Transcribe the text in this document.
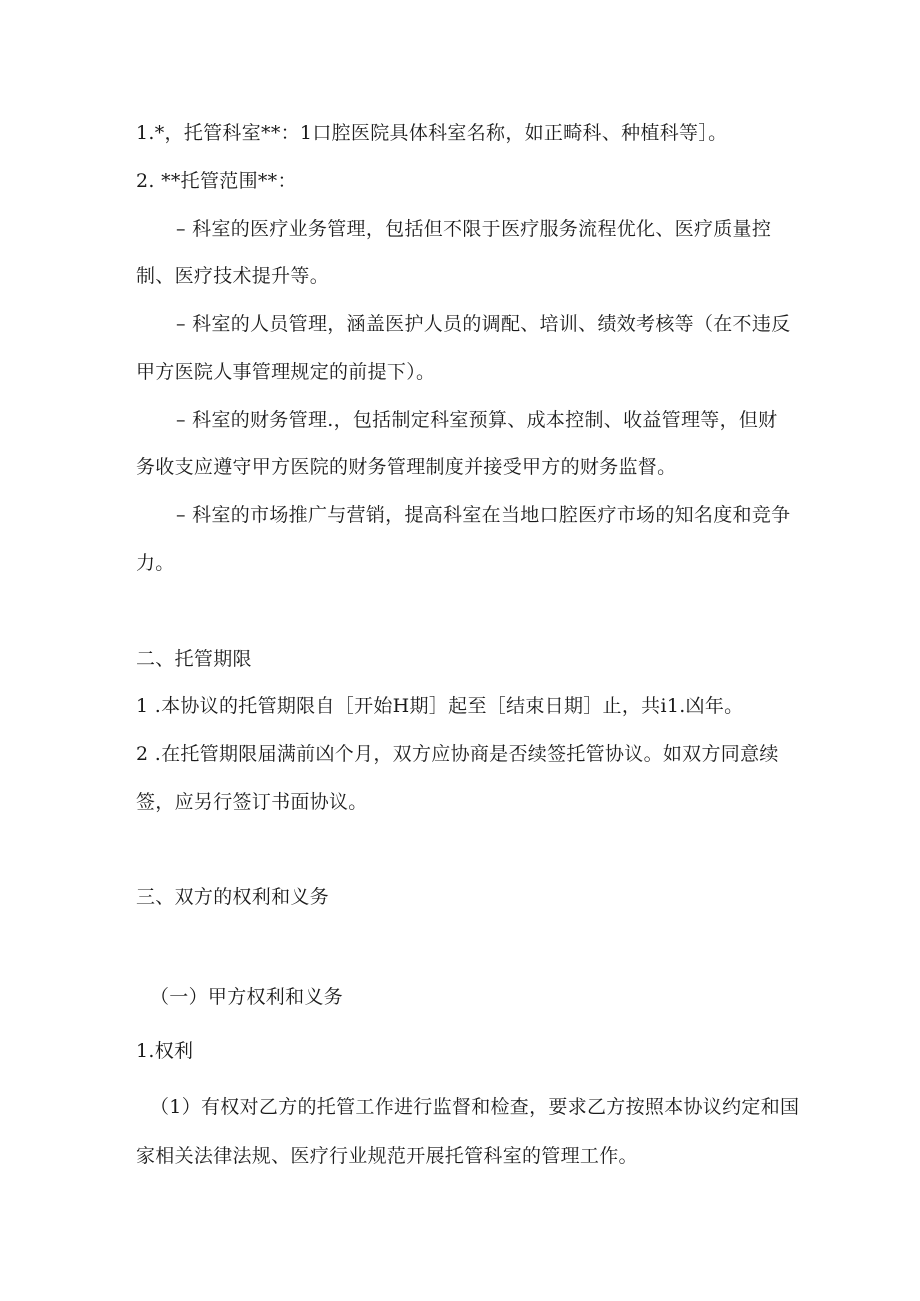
1.*，托管科室**：1口腔医院具体科室名称，如正畸科、种植科等］。
2. **托管范围**：
– 科室的医疗业务管理，包括但不限于医疗服务流程优化、医疗质量控
制、医疗技术提升等。
– 科室的人员管理，涵盖医护人员的调配、培训、绩效考核等（在不违反
甲方医院人事管理规定的前提下）。
– 科室的财务管理.，包括制定科室预算、成本控制、收益管理等，但财
务收支应遵守甲方医院的财务管理制度并接受甲方的财务监督。
– 科室的市场推广与营销，提高科室在当地口腔医疗市场的知名度和竞争
力。
二、托管期限
1 .本协议的托管期限自［开始H期］起至［结束日期］止，共i1.凶年。
2 .在托管期限届满前凶个月，双方应协商是否续签托管协议。如双方同意续
签，应另行签订书面协议。
三、双方的权利和义务
（一）甲方权利和义务
1.权利
（1）有权对乙方的托管工作进行监督和检查，要求乙方按照本协议约定和国
家相关法律法规、医疗行业规范开展托管科室的管理工作。
